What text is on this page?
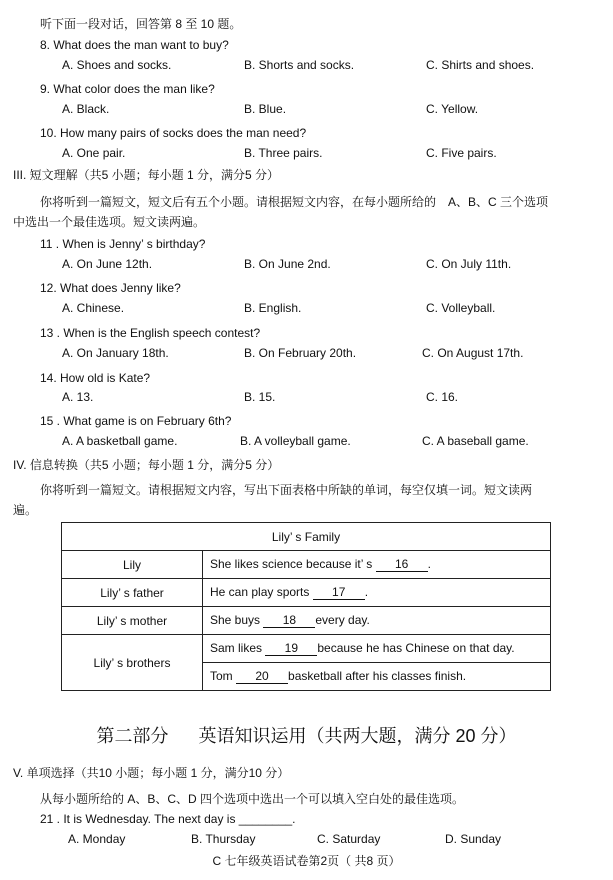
听下面一段对话，回答第 8 至 10 题。
8. What does the man want to buy?
A. Shoes and socks.	B. Shorts and socks.	C. Shirts and shoes.
9. What color does the man like?
A. Black.	B. Blue.	C. Yellow.
10. How many pairs of socks does the man need?
A. One pair.	B. Three pairs.	C. Five pairs.
III. 短文理解（共5 小题；每小题 1 分，满分5 分）
你将听到一篇短文，短文后有五个小题。请根据短文内容，在每小题所给的　A、B、C 三个选项
中选出一个最佳选项。短文读两遍。
11 . When is Jenny’ s birthday?
A. On June 12th.	B. On June 2nd.	C. On July 11th.
12. What does Jenny like?
A. Chinese.	B. English.	C. Volleyball.
13 . When is the English speech contest?
A. On January 18th.	B. On February 20th.	C. On August 17th.
14. How old is Kate?
A. 13.	B. 15.	C. 16.
15 . What game is on February 6th?
A. A basketball game.	B. A volleyball game.	C. A baseball game.
IV. 信息转换（共5 小题；每小题 1 分，满分5 分）
你将听到一篇短文。请根据短文内容，写出下面表格中所缺的单词，每空仅填一词。短文读两
遍。
Lily’ s Family	
Lily	She likes science because it’ s 16 .
Lily’ s father	He can play sports 17 .
Lily’ s mother	She buys 18 every day.
Lily’ s brothers	Sam likes 19 because he has Chinese on that day.
	Tom 20 basketball after his classes finish.
第二部分 英语知识运用（共两大题，满分 20 分）
V. 单项选择（共10 小题；每小题 1 分，满分10 分）
从每小题所给的 A、B、C、D 四个选项中选出一个可以填入空白处的最佳选项。
21 . It is Wednesday. The next day is ________.
A. Monday	B. Thursday	C. Saturday	D. Sunday
C 七年级英语试卷第2页（ 共8 页）
